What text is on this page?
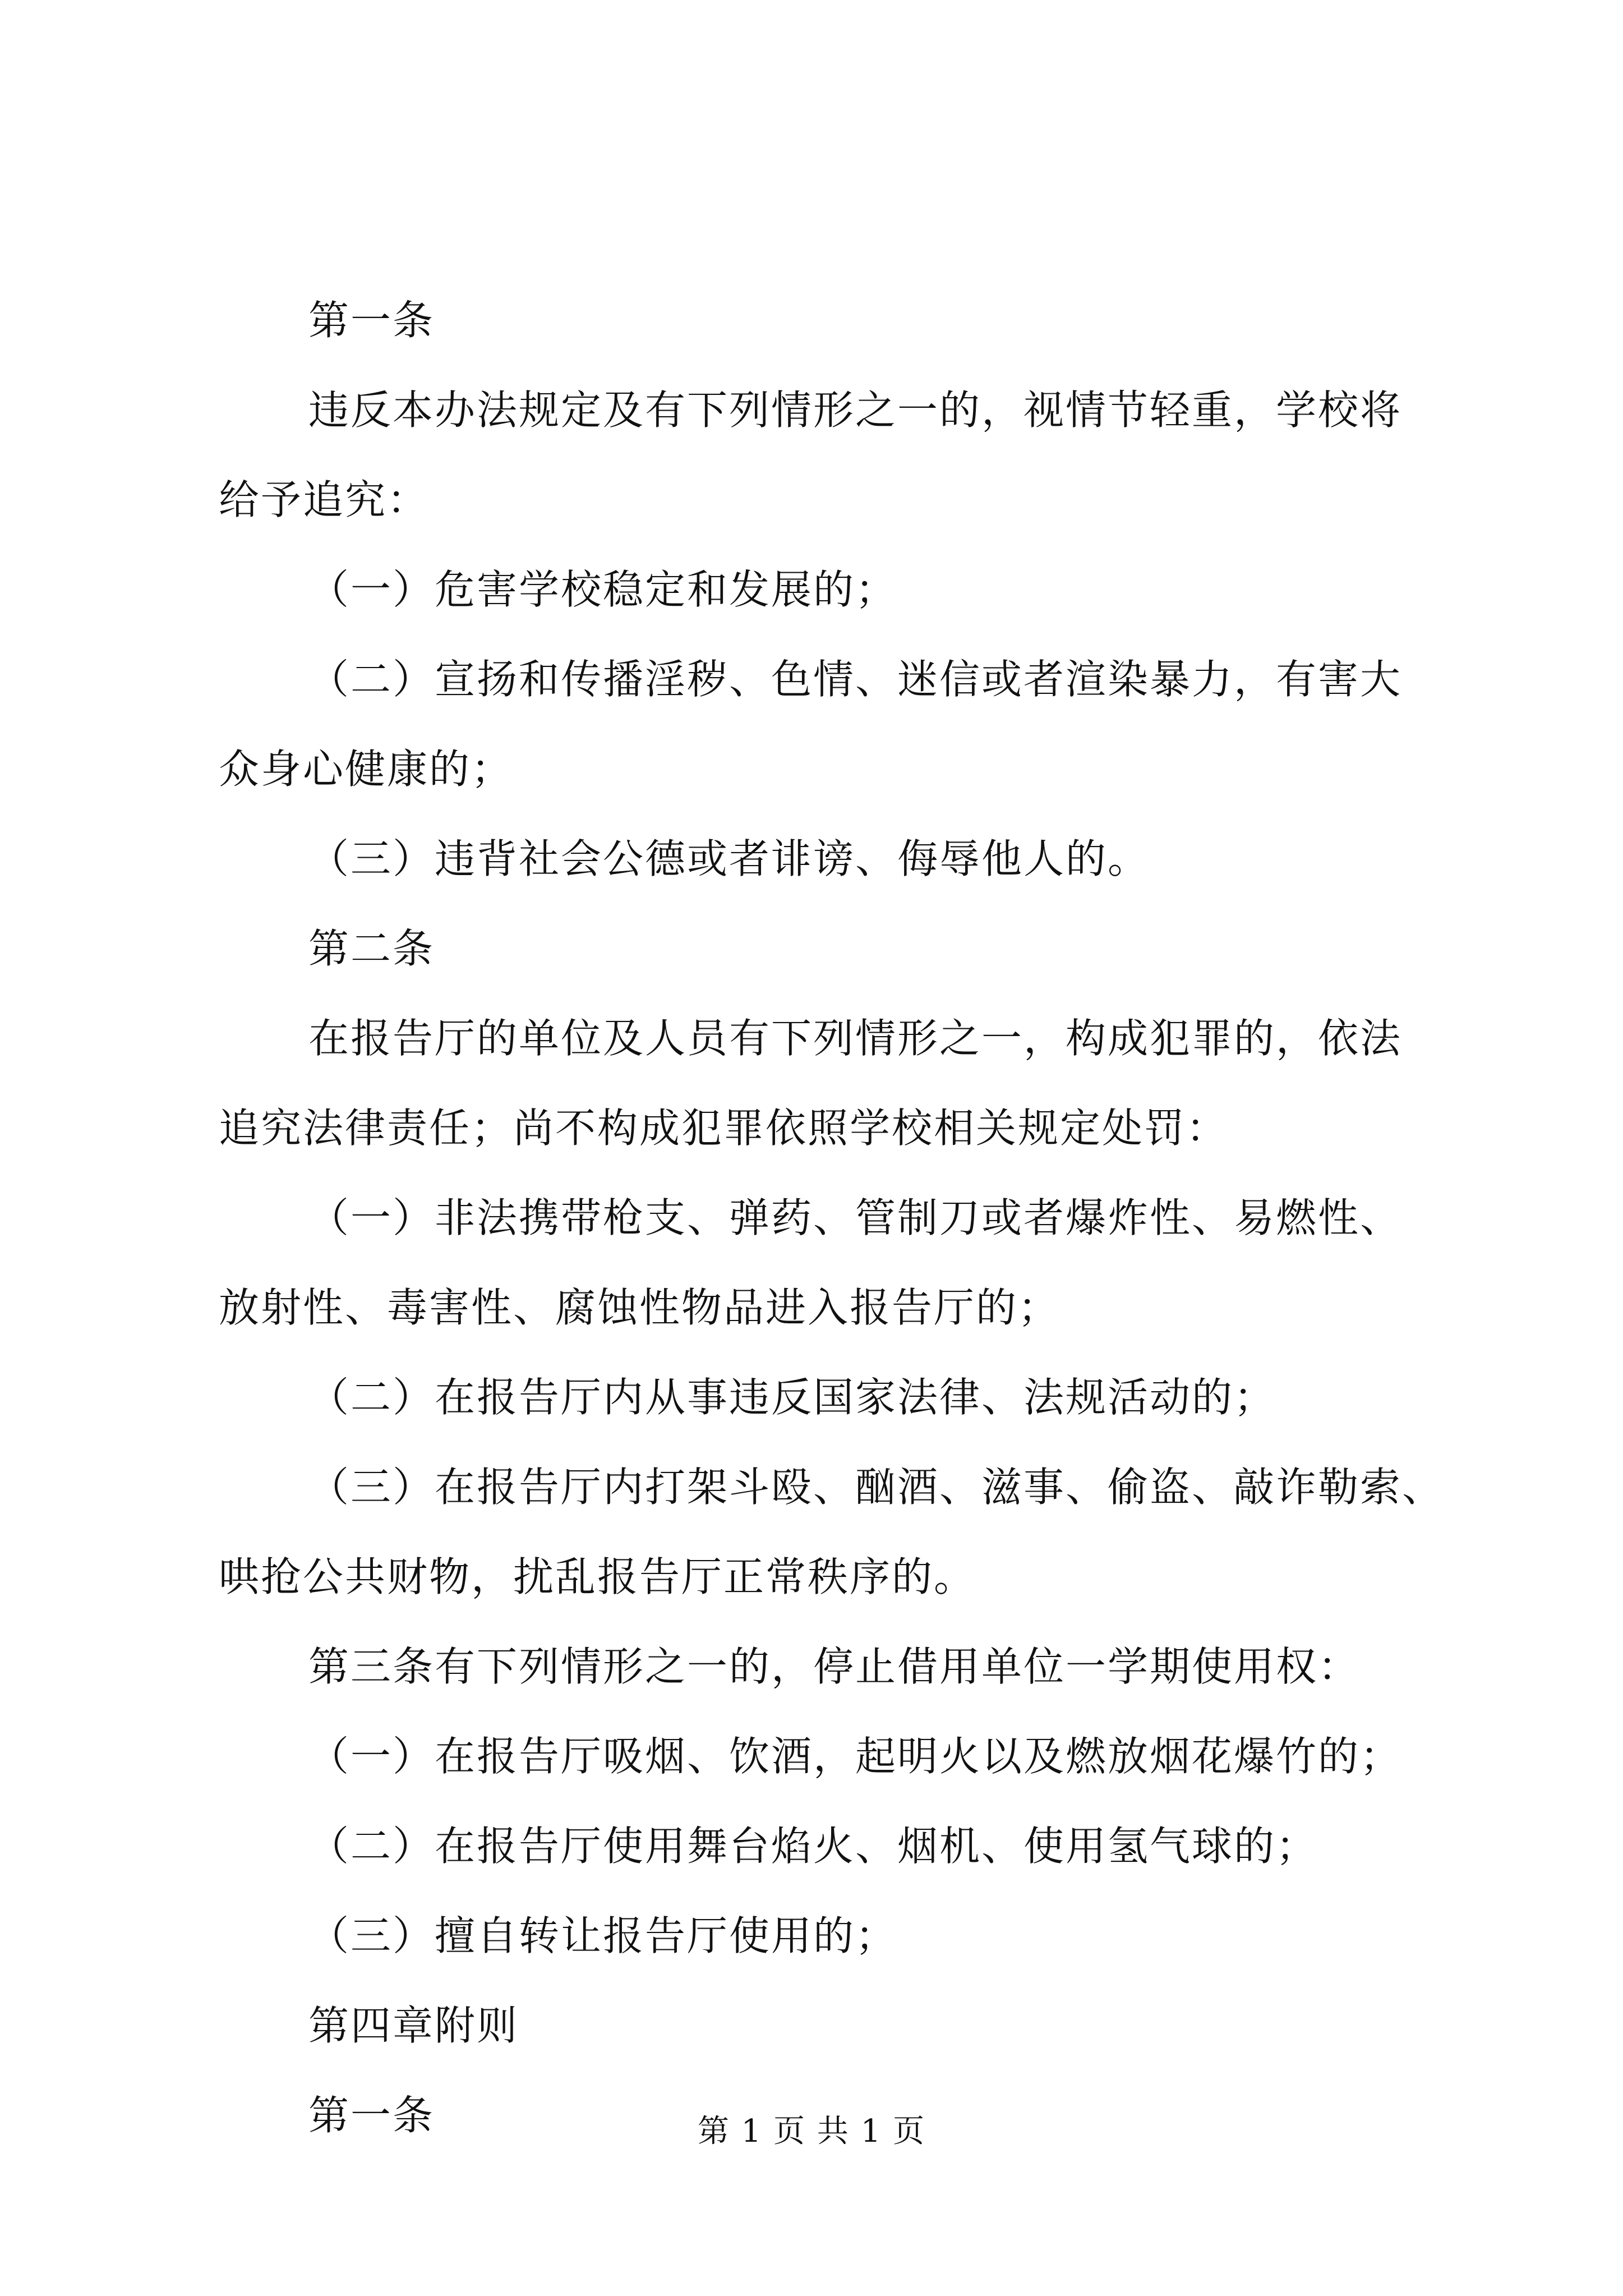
第一条
违反本办法规定及有下列情形之一的，视情节轻重，学校将
给予追究：
（一）危害学校稳定和发展的；
（二）宣扬和传播淫秽、色情、迷信或者渲染暴力，有害大
众身心健康的；
（三）违背社会公德或者诽谤、侮辱他人的。
第二条
在报告厅的单位及人员有下列情形之一，构成犯罪的，依法
追究法律责任；尚不构成犯罪依照学校相关规定处罚：
（一）非法携带枪支、弹药、管制刀或者爆炸性、易燃性、
放射性、毒害性、腐蚀性物品进入报告厅的；
（二）在报告厅内从事违反国家法律、法规活动的；
（三）在报告厅内打架斗殴、酗酒、滋事、偷盗、敲诈勒索、
哄抢公共财物，扰乱报告厅正常秩序的。
第三条有下列情形之一的，停止借用单位一学期使用权：
（一）在报告厅吸烟、饮酒，起明火以及燃放烟花爆竹的；
（二）在报告厅使用舞台焰火、烟机、使用氢气球的；
（三）擅自转让报告厅使用的；
第四章附则
第一条	第 1 页 共 1 页
